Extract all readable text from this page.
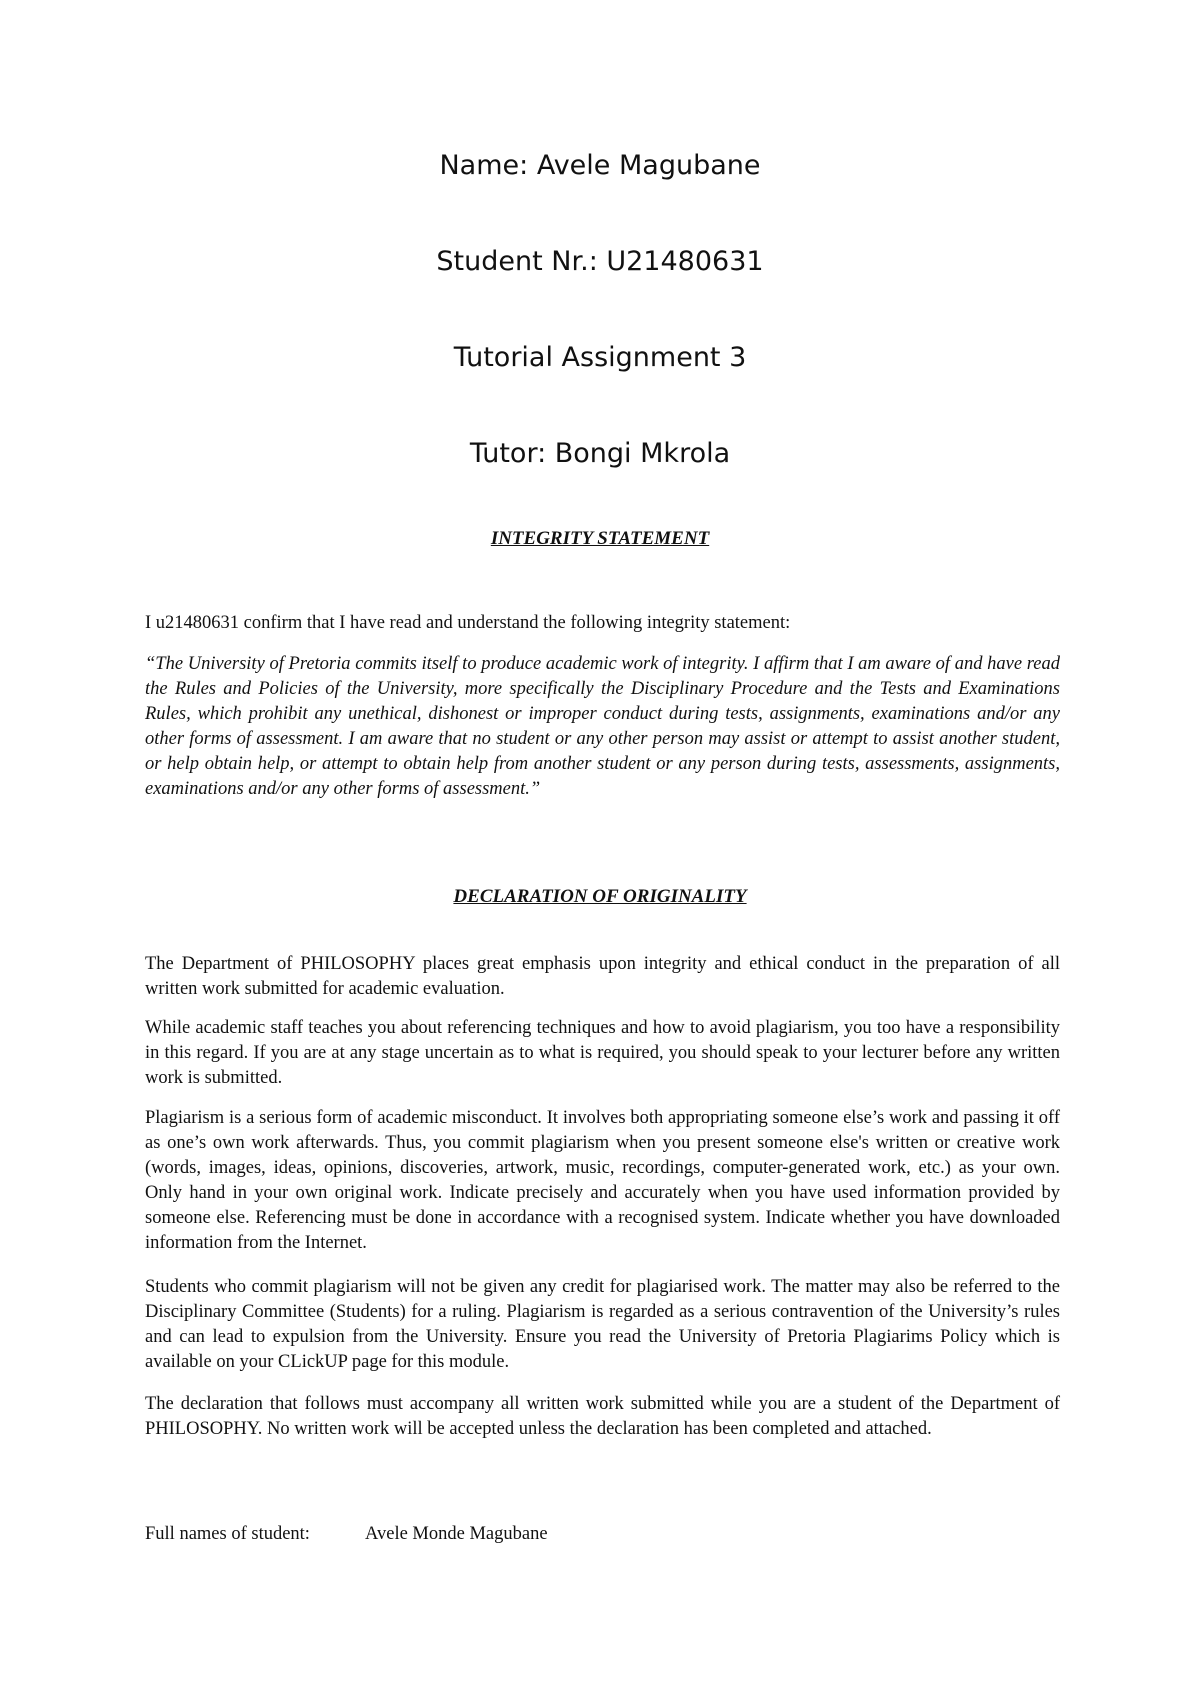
Name: Avele Magubane
Student Nr.: U21480631
Tutorial Assignment 3
Tutor: Bongi Mkrola
INTEGRITY STATEMENT
I u21480631 confirm that I have read and understand the following integrity statement:
“The University of Pretoria commits itself to produce academic work of integrity. I affirm that I am aware of and have read the Rules and Policies of the University, more specifically the Disciplinary Procedure and the Tests and Examinations Rules, which prohibit any unethical, dishonest or improper conduct during tests, assignments, examinations and/or any other forms of assessment. I am aware that no student or any other person may assist or attempt to assist another student, or help obtain help, or attempt to obtain help from another student or any person during tests, assessments, assignments, examinations and/or any other forms of assessment.”
DECLARATION OF ORIGINALITY
The Department of PHILOSOPHY places great emphasis upon integrity and ethical conduct in the preparation of all written work submitted for academic evaluation.
While academic staff teaches you about referencing techniques and how to avoid plagiarism, you too have a responsibility in this regard. If you are at any stage uncertain as to what is required, you should speak to your lecturer before any written work is submitted.
Plagiarism is a serious form of academic misconduct. It involves both appropriating someone else’s work and passing it off as one’s own work afterwards. Thus, you commit plagiarism when you present someone else's written or creative work (words, images, ideas, opinions, discoveries, artwork, music, recordings, computer-generated work, etc.) as your own. Only hand in your own original work. Indicate precisely and accurately when you have used information provided by someone else. Referencing must be done in accordance with a recognised system. Indicate whether you have downloaded information from the Internet.
Students who commit plagiarism will not be given any credit for plagiarised work. The matter may also be referred to the Disciplinary Committee (Students) for a ruling. Plagiarism is regarded as a serious contravention of the University’s rules and can lead to expulsion from the University. Ensure you read the University of Pretoria Plagiarims Policy which is available on your CLickUP page for this module.
The declaration that follows must accompany all written work submitted while you are a student of the Department of PHILOSOPHY. No written work will be accepted unless the declaration has been completed and attached.
Full names of student:	Avele Monde Magubane
